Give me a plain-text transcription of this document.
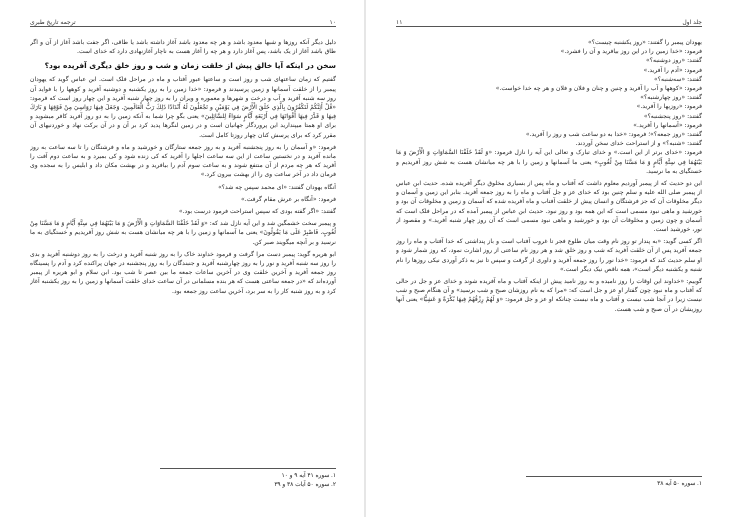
۱۰
ترجمه تاریخ طبری

دلیل دیگر آنکه روزها و شبها معدود باشد و هر چه معدود باشد آغاز داشته باشد یا طاقی، اگر جفت باشد آغاز از آن و اگر طاق باشد آغاز از یک باشد، پس آغاز دارد و هر چه را آغاز هست به ناچار آغازنهادی دارد که خدای است.

سخن در اینکه آیا خالق پیش از خلقت زمان و شب و روز خلق دیگری آفریده بود؟

گفتیم که زمان ساعتهای شب و روز است و ساعتها عبور آفتاب و ماه در مراحل فلک است. ابن عباس گوید که یهودان پیمبر را از خلقت آسمانها و زمین پرسیدند و فرمود: «خدا زمین را به روز یکشنبه و دوشنبه آفرید و کوهها را با فواید آن روز سه شنبه آفرید و آب و درخت و شهرها و معموره و ویران را به روز چهار شنبه آفرید و این چهار روز است که فرمود: «قُلْ أَئِنَّكُمْ لَتَكْفُرُونَ بِالَّذِي خَلَقَ الْأَرْضَ فِي يَوْمَيْنِ و تَجْعَلُونَ لَهُ أَنْدَادًا ذَلِكَ رَبُّ الْعَالَمِينَ. وَجَعَلَ فِيهَا رَوَاسِيَ مِنْ فَوْقِهَا وَ بَارَكَ فِيهَا وَ قَدَّرَ فِيهَا أَقْوَاتَهَا فِي أَرْبَعَةِ أَيَّامٍ سَوَاءً لِلسَّائِلِينَ» یعنی بگو چرا شما به آنکه زمین را به دو روز آفرید کافر میشوید و برای او همتا میپندارید این پروردگار جهانیان است و در زمین لنگرها پدید کرد بر آن و در آن برکت نهاد و خوردنیهای آن مقرر کرد که برای پرسش کنان چهار روزتا کامل است.

فرمود: «و آسمان را به روز پنجشنبه آفرید و به روز جمعه ستارگان و خورشید و ماه و فرشتگان را تا سه ساعت به روز مانده آفرید و در نخستین ساعت از این سه ساعت اجلها را آفرید که کی زنده شود و کی بمیرد و به ساعت دوم آفت را آفرید که هر چه مردم از آن منتفع شوند و به ساعت سوم آدم را بیافرید و در بهشت مکان داد و ابلیس را به سجده وی فرمان داد در آخر ساعت وی را از بهشت بیرون کرد.»

آنگاه یهودان گفتند: «ای محمد سپس چه شد؟»

فرمود: «آنگاه بر عرش مقام گرفت.»

گفتند: «اگر گفته بودی که سپس استراحت فرمود درست بود.»

و پیمبر سخت خشمگین شد و این آیه نازل شد که: «وَ لَقَدْ خَلَقْنَا السَّمَاوَاتِ وَ الْأَرْضَ وَ مَا بَيْنَهُمَا فِي سِتَّةِ أَيَّامٍ وَ مَا مَسَّنَا مِنْ لُغُوبٍ. فَاصْبِرْ عَلَى مَا يَقُولُونَ» یعنی ما آسمانها و زمین را با هر چه میانشان هست به شش روز آفریدیم و خستگیای به ما نرسید و بر آنچه میگویند صبر کن.

ابو هریره گوید: پیمبر دست مرا گرفت و فرمود خداوند خاک را به روز شنبه آفرید و درخت را به روز دوشنبه آفرید و بدی را روز سه شنبه آفرید و نور را به روز چهارشنبه آفرید و جنبندگان را به روز پنجشنبه در جهان پراکنده کرد و آدم را پسینگاه روز جمعه آفرید و آخرین خلقت وی در آخرین ساعات جمعه ما بین عصر تا شب بود. ابن سلام و ابو هریره از پیمبر آورده‌اند که «در جمعه ساعتی هست که هر بنده مسلمانی در آن ساعت خدای خلقت آسمانها و زمین را به روز یکشنبه آغاز کرد و به روز شنبه کار را به سر برد، آخرین ساعت روز جمعه بود.

۱. سوره ۴۱ آیه ۹ و ۱۰
۲. سوره ۵۰ آیات ۳۸ و ۳۹
جلد اول
۱۱

یهودان پیمبر را گفتند: «روز یکشنبه چیست؟»

فرمود: «خدا زمین را در این روز بیافرید و آن را فشرد.»

گفتند: «روز دوشنبه؟»

فرمود: «آدم را آفرید.»

گفتند: «سه‌شنبه؟»

فرمود: «کوهها و آب را آفرید و چنین و چنان و فلان و فلان و هر چه خدا خواست.»

گفتند: «روز چهارشنبه؟»

فرمود: «روزیها را آفرید.»

گفتند: «روز پنجشنبه؟»

فرمود: «آسمانها را آفرید.»

گفتند: «روز جمعه؟»؛ فرمود: «خدا به دو ساعت شب و روز را آفرید.»

گفتند: «شنبه؟» و از استراحت خدای سخن آوردند.

فرمود: «خدای برتر از این است.» و خدای تبارک و تعالی این آیه را نازل فرمود: «وَ لَقَدْ خَلَقْنَا السَّمَاوَاتِ وَ الْأَرْضَ وَ مَا بَيْنَهُمَا فِي سِتَّةِ أَيَّامٍ وَ مَا مَسَّنَا مِنْ لُغُوبٍ» یعنی ما آسمانها و زمین را با هر چه میانشان هست به شش روز آفریدیم و خستگیای به ما نرسید.

این دو حدیث که از پیمبر آوردیم معلوم داشت که آفتاب و ماه پس از بسیاری مخلوق دیگر آفریده شده. حدیث ابن عباس از پیمبر صلی الله علیه و سلم چنین بود که خدای عز و جل آفتاب و ماه را به روز جمعه آفرید. بنابر این زمین و آسمان و دیگر مخلوقات آن که جز فرشتگان و انسان پیش از خلقت آفتاب و ماه آفریده شده که آسمان و زمین و مخلوقات آن بود و خورشید و ماهی نبود مسمی است که این همه بود و روز نبود. حدیث ابن عباس از پیمبر آمده که در مراحل فلک است که آسمان و چون زمین و مخلوقات آن بود و خورشید و ماهی نبود مسمی است که آن روز چهار شنبه آفرید.» و مقصود از نور، خورشید است.

اگر کسی گوید: «به پندار تو روز نام وقت میان طلوع فجر تا غروب آفتاب است و باز پنداشتی که خدا آفتاب و ماه را روز جمعه آفرید پس از آن خلقت آفرید که شب و روز خلق شد و هر روز نام ساعتی از روز اشارت نمود، که روز شمار شود و او سلم حدیث کند که فرمود: «خدا نور را روز جمعه آفرید و داوری از گرفت و سپس تا نیز به ذکر آوردی نیکی روزها را نام شنبه و یکشنبه دیگر است»، همه ناقص نیک دیگر است.»

گوییم: «خداوند این اوقات را روز نامیده و به روز نامید پیش از اینکه آفتاب و ماه آفریده شوند و خدای عز و جل در حالی که آفتاب و ماه نبود چون گفتار او عز و جل است که: «مرا که به نام روزشان صبح و شب برسید» و آن هنگام صبح و شب نیست زیرا در آنجا شب نیست و آفتاب و ماه نیست چنانکه او عز و جل فرمود: «وَ لَهُمْ رِزْقُهُمْ فِيهَا بُكْرَةً وَ عَشِيًّا» یعنی آنها روزیشان در آن صبح و شب هست.

۱. سوره ۵۰ آیه ۳۸
